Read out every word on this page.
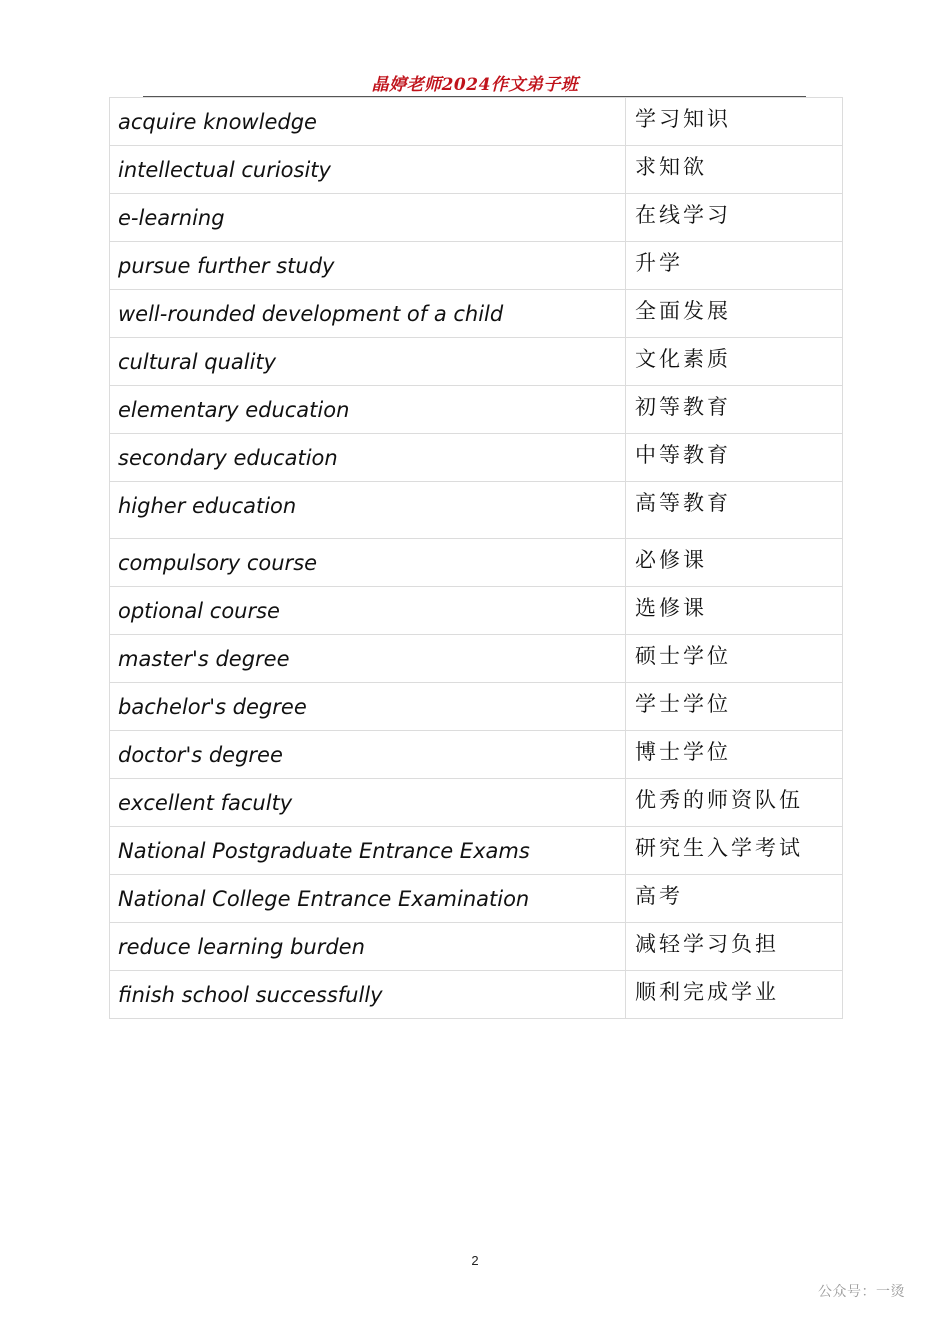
晶婷老师2024作文弟子班
acquire knowledge	学习知识

intellectual curiosity	求知欲

e-learning	在线学习

pursue further study	升学

well-rounded development of a child	全面发展

cultural quality	文化素质

elementary education	初等教育

secondary education	中等教育

higher education	高等教育

compulsory course	必修课

optional course	选修课

master's degree	硕士学位

bachelor's degree	学士学位

doctor's degree	博士学位

excellent faculty	优秀的师资队伍

National Postgraduate Entrance Exams	研究生入学考试

National College Entrance Examination	高考

reduce learning burden	减轻学习负担

finish school successfully	顺利完成学业
2
公众号：一烫
